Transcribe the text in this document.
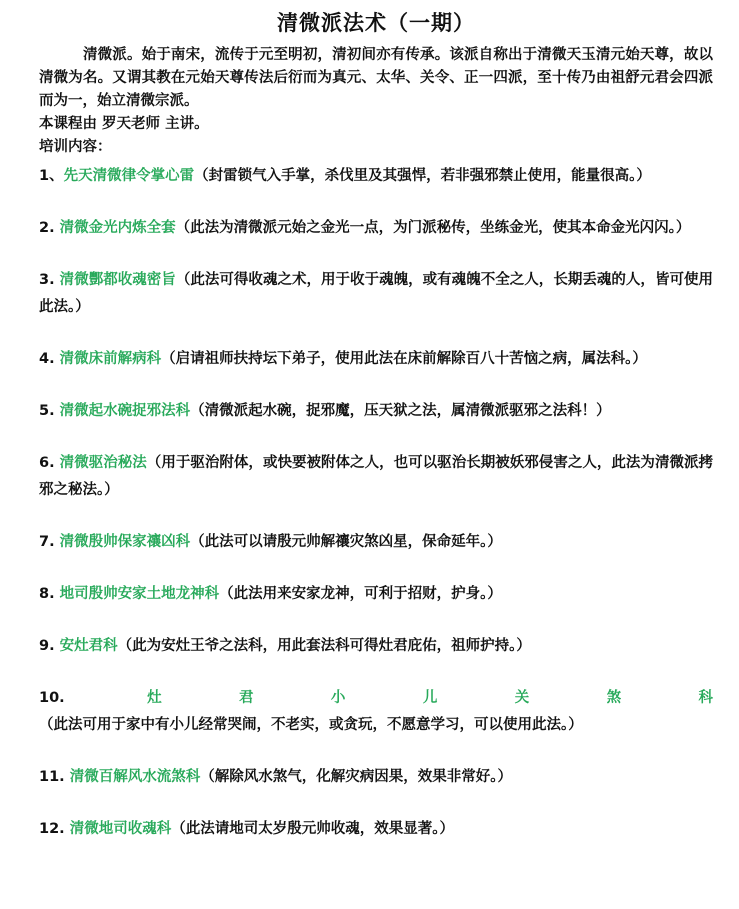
清微派法术（一期）

清微派。始于南宋，流传于元至明初，清初间亦有传承。该派自称出于清微天玉清元始天尊，故以清微为名。又谓其教在元始天尊传法后衍而为真元、太华、关令、正一四派，至十传乃由祖舒元君会四派而为一，始立清微宗派。

本课程由 罗天老师 主讲。

培训内容：

1、先天清微律令掌心雷（封雷锁气入手掌，杀伐里及其强悍，若非强邪禁止使用，能量很高。）

2. 清微金光内炼全套（此法为清微派元始之金光一点，为门派秘传，坐练金光，使其本命金光闪闪。）

3. 清微酆都收魂密旨（此法可得收魂之术，用于收于魂魄，或有魂魄不全之人，长期丢魂的人，皆可使用此法。）

4. 清微床前解病科（启请祖师扶持坛下弟子，使用此法在床前解除百八十苦恼之病，属法科。）

5. 清微起水碗捉邪法科（清微派起水碗，捉邪魔，压天狱之法，属清微派驱邪之法科！）

6. 清微驱治秘法（用于驱治附体，或快要被附体之人，也可以驱治长期被妖邪侵害之人，此法为清微派拷邪之秘法。）

7. 清微殷帅保家禳凶科（此法可以请殷元帅解禳灾煞凶星，保命延年。）

8. 地司殷帅安家土地龙神科（此法用来安家龙神，可利于招财，护身。）

9. 安灶君科（此为安灶王爷之法科，用此套法科可得灶君庇佑，祖师护持。）

10. 灶君小儿关煞科（此法可用于家中有小儿经常哭闹，不老实，或贪玩，不愿意学习，可以使用此法。）

11. 清微百解风水流煞科（解除风水煞气，化解灾病因果，效果非常好。）

12. 清微地司收魂科（此法请地司太岁殷元帅收魂，效果显著。）
